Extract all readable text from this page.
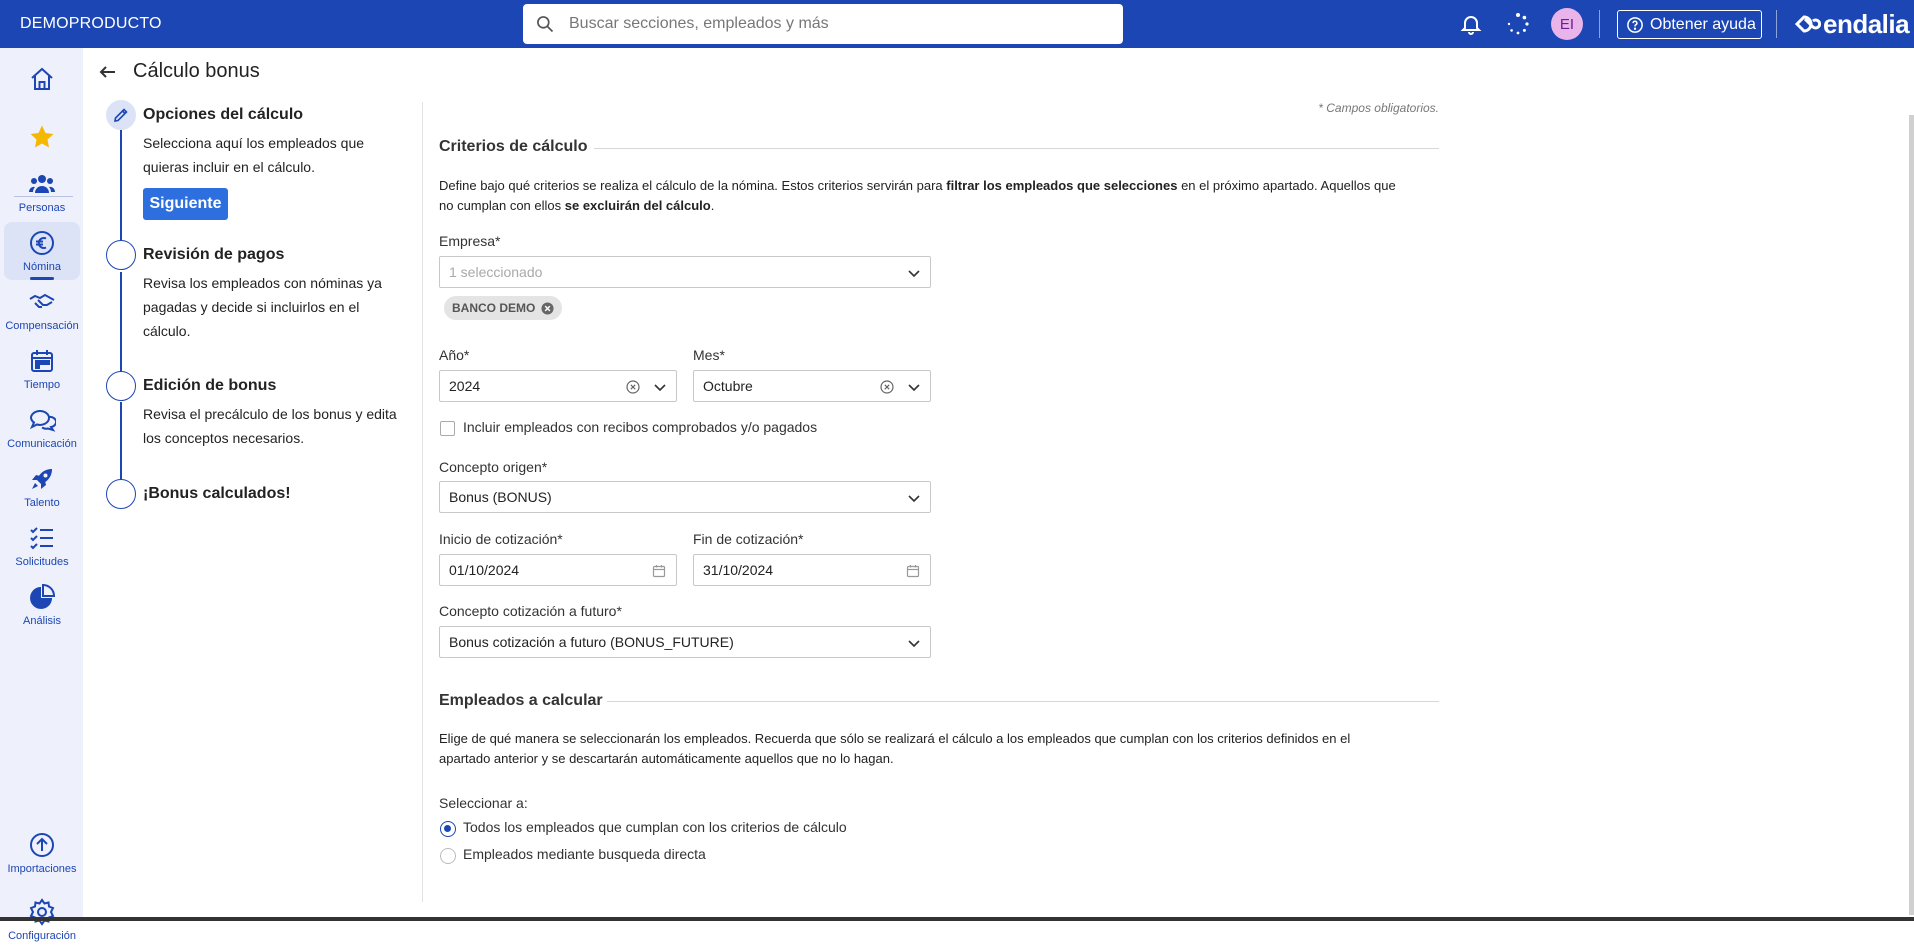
DEMOPRODUCTO	Buscar secciones, empleados y más	EI	Obtener ayuda	endalia
Personas
Nómina
Compensación
Tiempo
Comunicación
Talento
Solicitudes
Análisis
Importaciones
Configuración
Cálculo bonus
Opciones del cálculo
Selecciona aquí los empleados que quieras incluir en el cálculo.
Siguiente
Revisión de pagos
Revisa los empleados con nóminas ya pagadas y decide si incluirlos en el cálculo.
Edición de bonus
Revisa el precálculo de los bonus y edita los conceptos necesarios.
¡Bonus calculados!
* Campos obligatorios.
Criterios de cálculo
Define bajo qué criterios se realiza el cálculo de la nómina. Estos criterios servirán para filtrar los empleados que selecciones en el próximo apartado. Aquellos que no cumplan con ellos se excluirán del cálculo.
Empresa*
1 seleccionado
BANCO DEMO
Año*
2024
Mes*
Octubre
Incluir empleados con recibos comprobados y/o pagados
Concepto origen*
Bonus (BONUS)
Inicio de cotización*
01/10/2024
Fin de cotización*
31/10/2024
Concepto cotización a futuro*
Bonus cotización a futuro (BONUS_FUTURE)
Empleados a calcular
Elige de qué manera se seleccionarán los empleados. Recuerda que sólo se realizará el cálculo a los empleados que cumplan con los criterios definidos en el apartado anterior y se descartarán automáticamente aquellos que no lo hagan.
Seleccionar a:
Todos los empleados que cumplan con los criterios de cálculo
Empleados mediante busqueda directa
